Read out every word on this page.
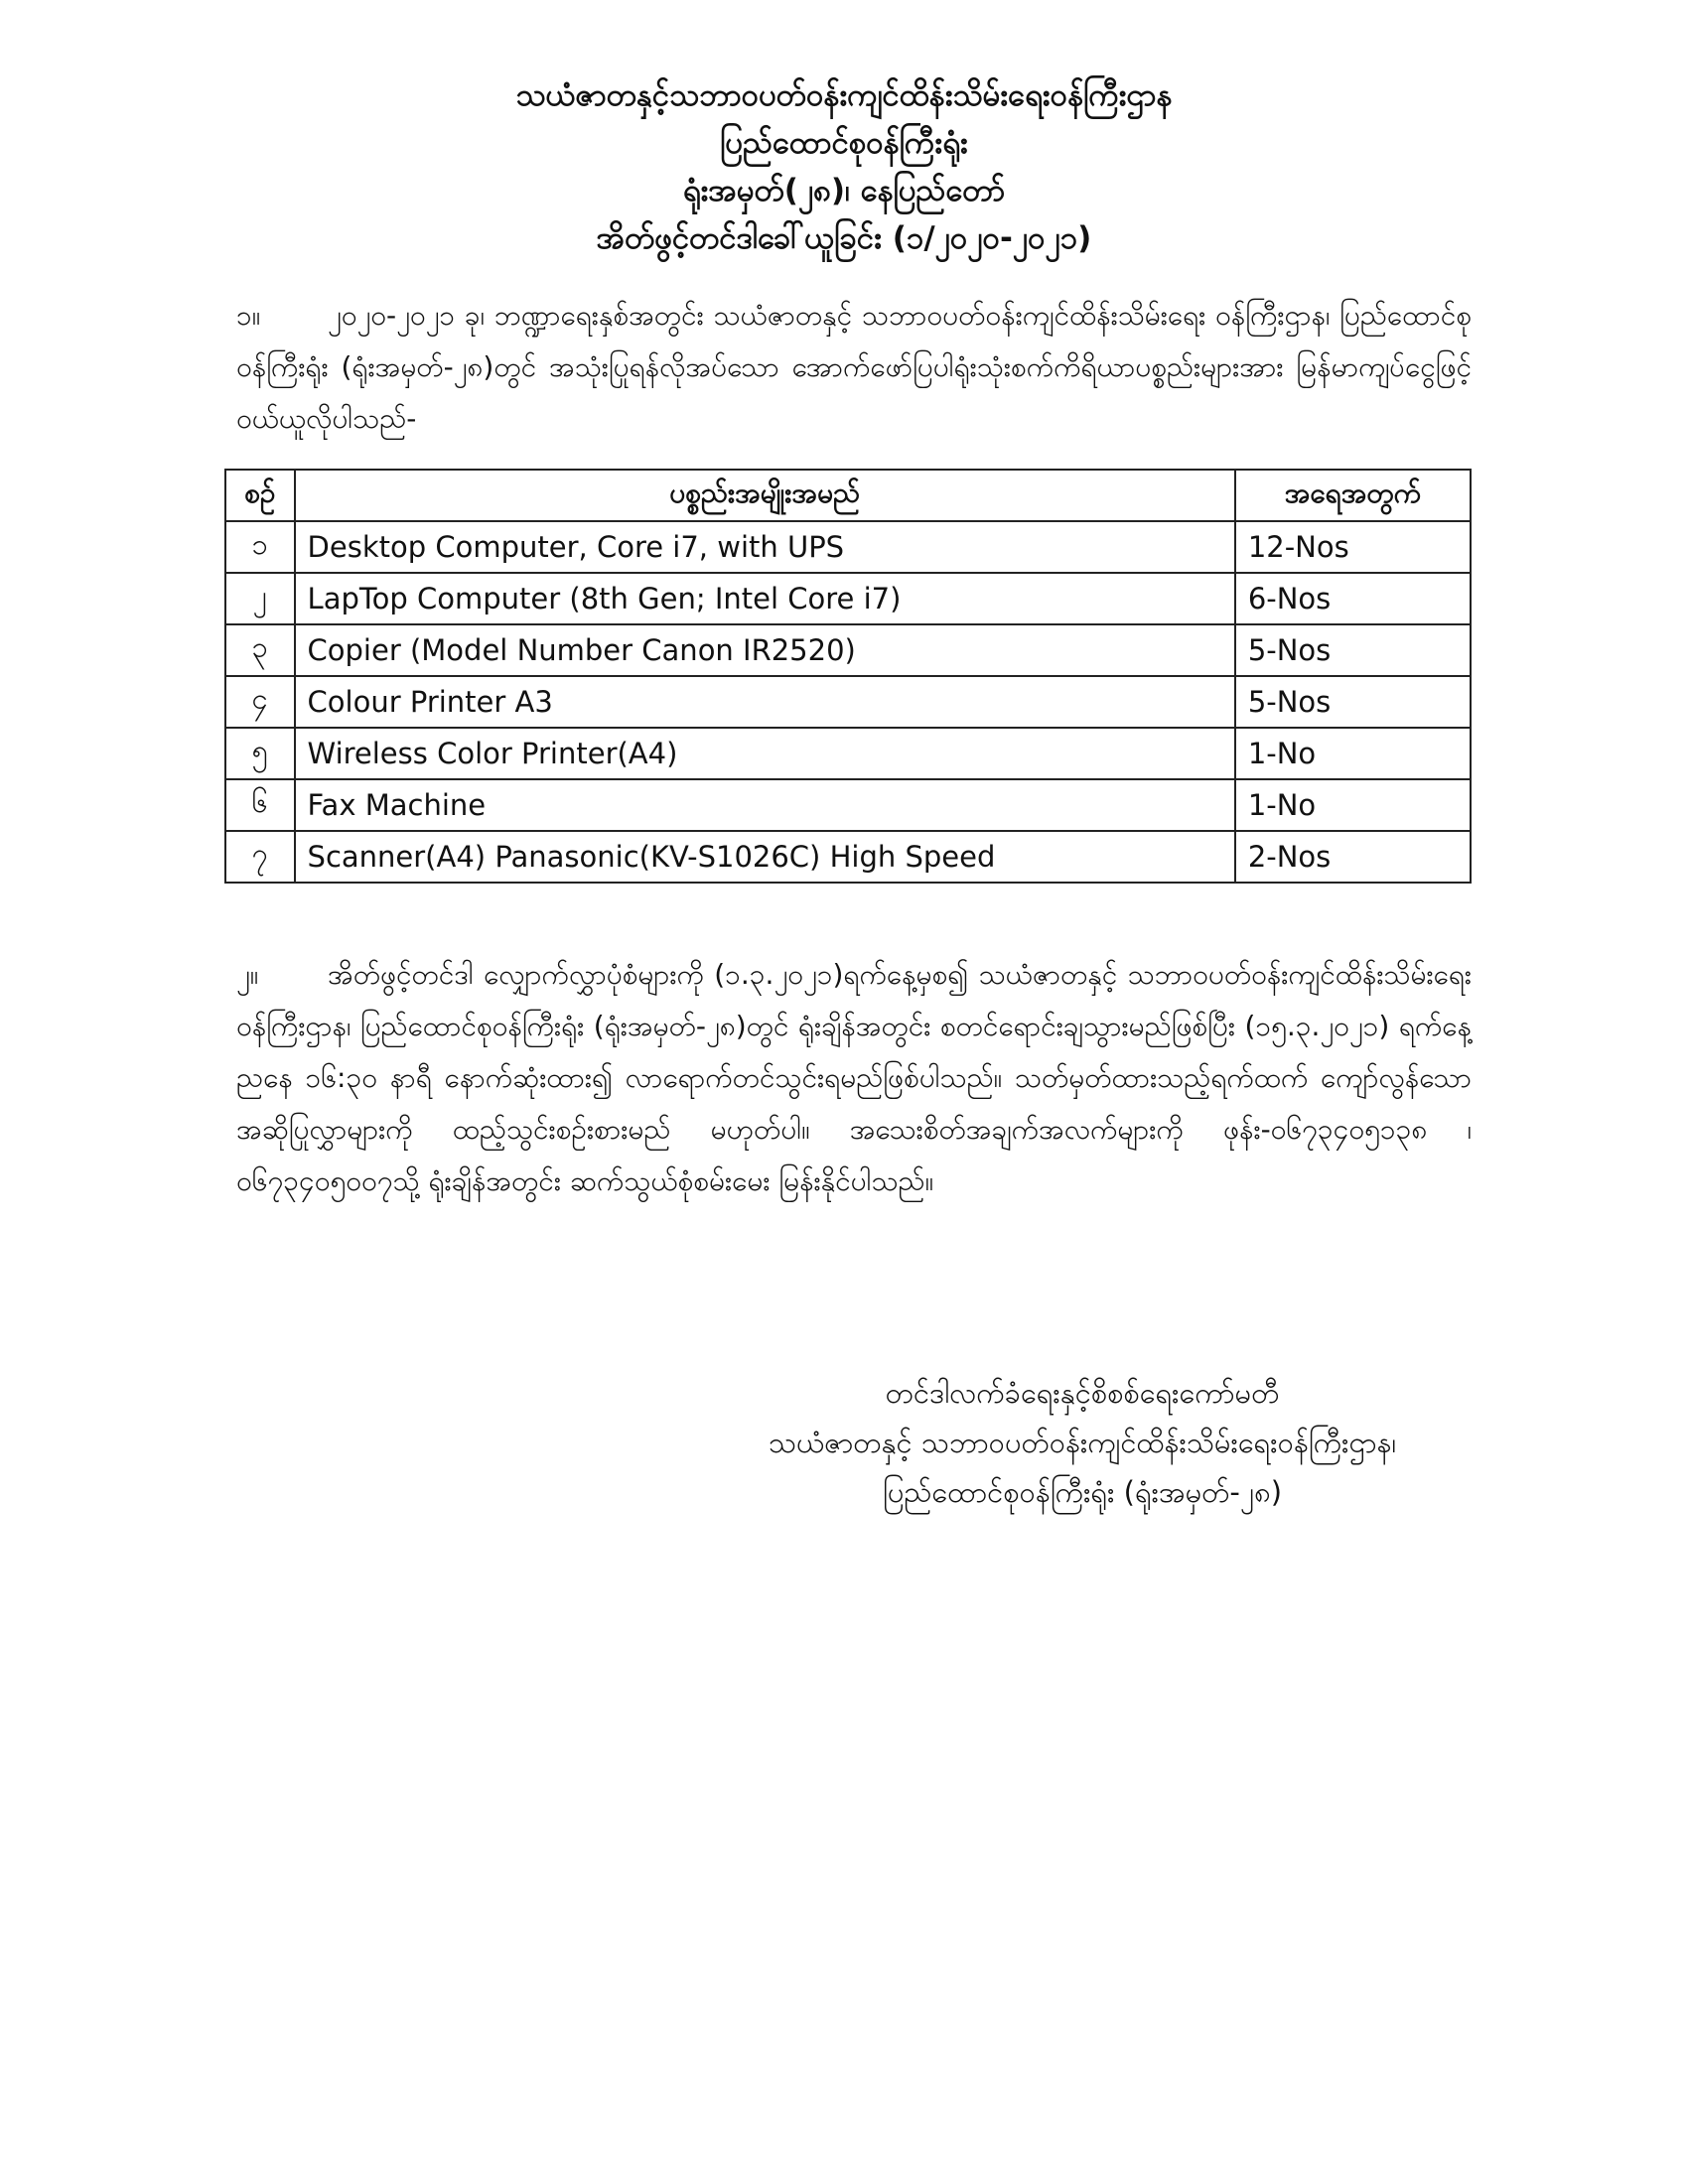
သယံဇာတနှင့်သဘာဝပတ်ဝန်းကျင်ထိန်းသိမ်းရေးဝန်ကြီးဌာန
ပြည်ထောင်စုဝန်ကြီးရုံး
ရုံးအမှတ်(၂၈)၊ နေပြည်တော်
အိတ်ဖွင့်တင်ဒါခေါ်ယူခြင်း (၁/၂၀၂၀-၂၀၂၁)
၁။ ၂၀၂၀-၂၀၂၁ ခု၊ ဘဏ္ဍာရေးနှစ်အတွင်း သယံဇာတနှင့် သဘာဝပတ်ဝန်းကျင်ထိန်းသိမ်းရေး ဝန်ကြီးဌာန၊ ပြည်ထောင်စုဝန်ကြီးရုံး (ရုံးအမှတ်-၂၈)တွင် အသုံးပြုရန်လိုအပ်သော အောက်ဖော်ပြပါရုံးသုံးစက်ကိရိယာပစ္စည်းများအား မြန်မာကျပ်ငွေဖြင့် ဝယ်ယူလိုပါသည်-
စဉ်	ပစ္စည်းအမျိုးအမည်	အရေအတွက်
၁	Desktop Computer, Core i7, with UPS	12-Nos
၂	LapTop Computer (8th Gen; Intel Core i7)	6-Nos
၃	Copier (Model Number Canon IR2520)	5-Nos
၄	Colour Printer A3	5-Nos
၅	Wireless Color Printer(A4)	1-No
၆	Fax Machine	1-No
၇	Scanner(A4) Panasonic(KV-S1026C) High Speed	2-Nos
၂။ အိတ်ဖွင့်တင်ဒါ လျှောက်လွှာပုံစံများကို (၁.၃.၂၀၂၁)ရက်နေ့မှစ၍ သယံဇာတနှင့် သဘာဝပတ်ဝန်းကျင်ထိန်းသိမ်းရေးဝန်ကြီးဌာန၊ ပြည်ထောင်စုဝန်ကြီးရုံး (ရုံးအမှတ်-၂၈)တွင် ရုံးချိန်အတွင်း စတင်ရောင်းချသွားမည်ဖြစ်ပြီး (၁၅.၃.၂၀၂၁) ရက်နေ့ ညနေ ၁၆:၃၀ နာရီ နောက်ဆုံးထား၍ လာရောက်တင်သွင်းရမည်ဖြစ်ပါသည်။ သတ်မှတ်ထားသည့်ရက်ထက် ကျော်လွန်သောအဆိုပြုလွှာများကို ထည့်သွင်းစဉ်းစားမည် မဟုတ်ပါ။ အသေးစိတ်အချက်အလက်များကို ဖုန်း-၀၆၇၃၄၀၅၁၃၈ ၊ ၀၆၇၃၄၀၅၀၀၇သို့ ရုံးချိန်အတွင်း ဆက်သွယ်စုံစမ်းမေး မြန်းနိုင်ပါသည်။
တင်ဒါလက်ခံရေးနှင့်စိစစ်ရေးကော်မတီ
သယံဇာတနှင့် သဘာဝပတ်ဝန်းကျင်ထိန်းသိမ်းရေးဝန်ကြီးဌာန၊
ပြည်ထောင်စုဝန်ကြီးရုံး (ရုံးအမှတ်-၂၈)
